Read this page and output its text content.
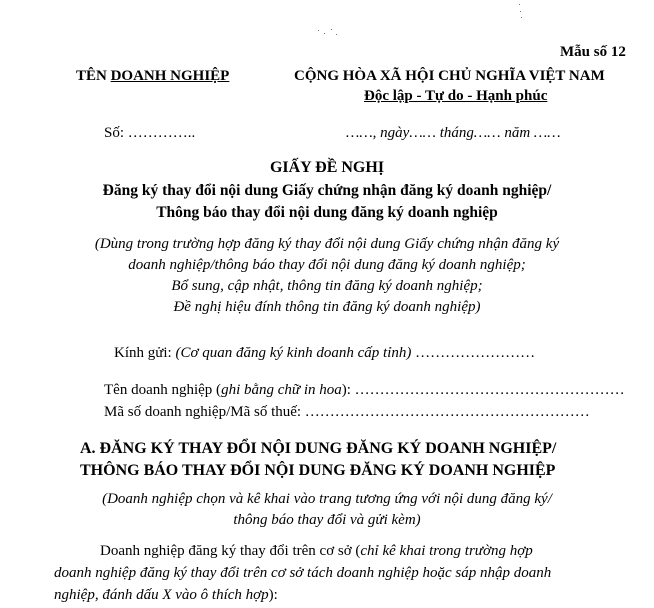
Mẫu số 12
TÊN DOANH NGHIỆP	CỘNG HÒA XÃ HỘI CHỦ NGHĨA VIỆT NAM
Độc lập - Tự do - Hạnh phúc
Số: …………..	……, ngày…… tháng…… năm ……
GIẤY ĐỀ NGHỊ
Đăng ký thay đổi nội dung Giấy chứng nhận đăng ký doanh nghiệp/
Thông báo thay đổi nội dung đăng ký doanh nghiệp
(Dùng trong trường hợp đăng ký thay đổi nội dung Giấy chứng nhận đăng ký
doanh nghiệp/thông báo thay đổi nội dung đăng ký doanh nghiệp;
Bổ sung, cập nhật, thông tin đăng ký doanh nghiệp;
Đề nghị hiệu đính thông tin đăng ký doanh nghiệp)
Kính gửi: (Cơ quan đăng ký kinh doanh cấp tỉnh) ……………………
Tên doanh nghiệp (ghi bằng chữ in hoa): ………………………………………………
Mã số doanh nghiệp/Mã số thuế: …………………………………………………
A. ĐĂNG KÝ THAY ĐỔI NỘI DUNG ĐĂNG KÝ DOANH NGHIỆP/
THÔNG BÁO THAY ĐỔI NỘI DUNG ĐĂNG KÝ DOANH NGHIỆP
(Doanh nghiệp chọn và kê khai vào trang tương ứng với nội dung đăng ký/
thông báo thay đổi và gửi kèm)
Doanh nghiệp đăng ký thay đổi trên cơ sở (chỉ kê khai trong trường hợp
doanh nghiệp đăng ký thay đổi trên cơ sở tách doanh nghiệp hoặc sáp nhập doanh
nghiệp, đánh dấu X vào ô thích hợp):
